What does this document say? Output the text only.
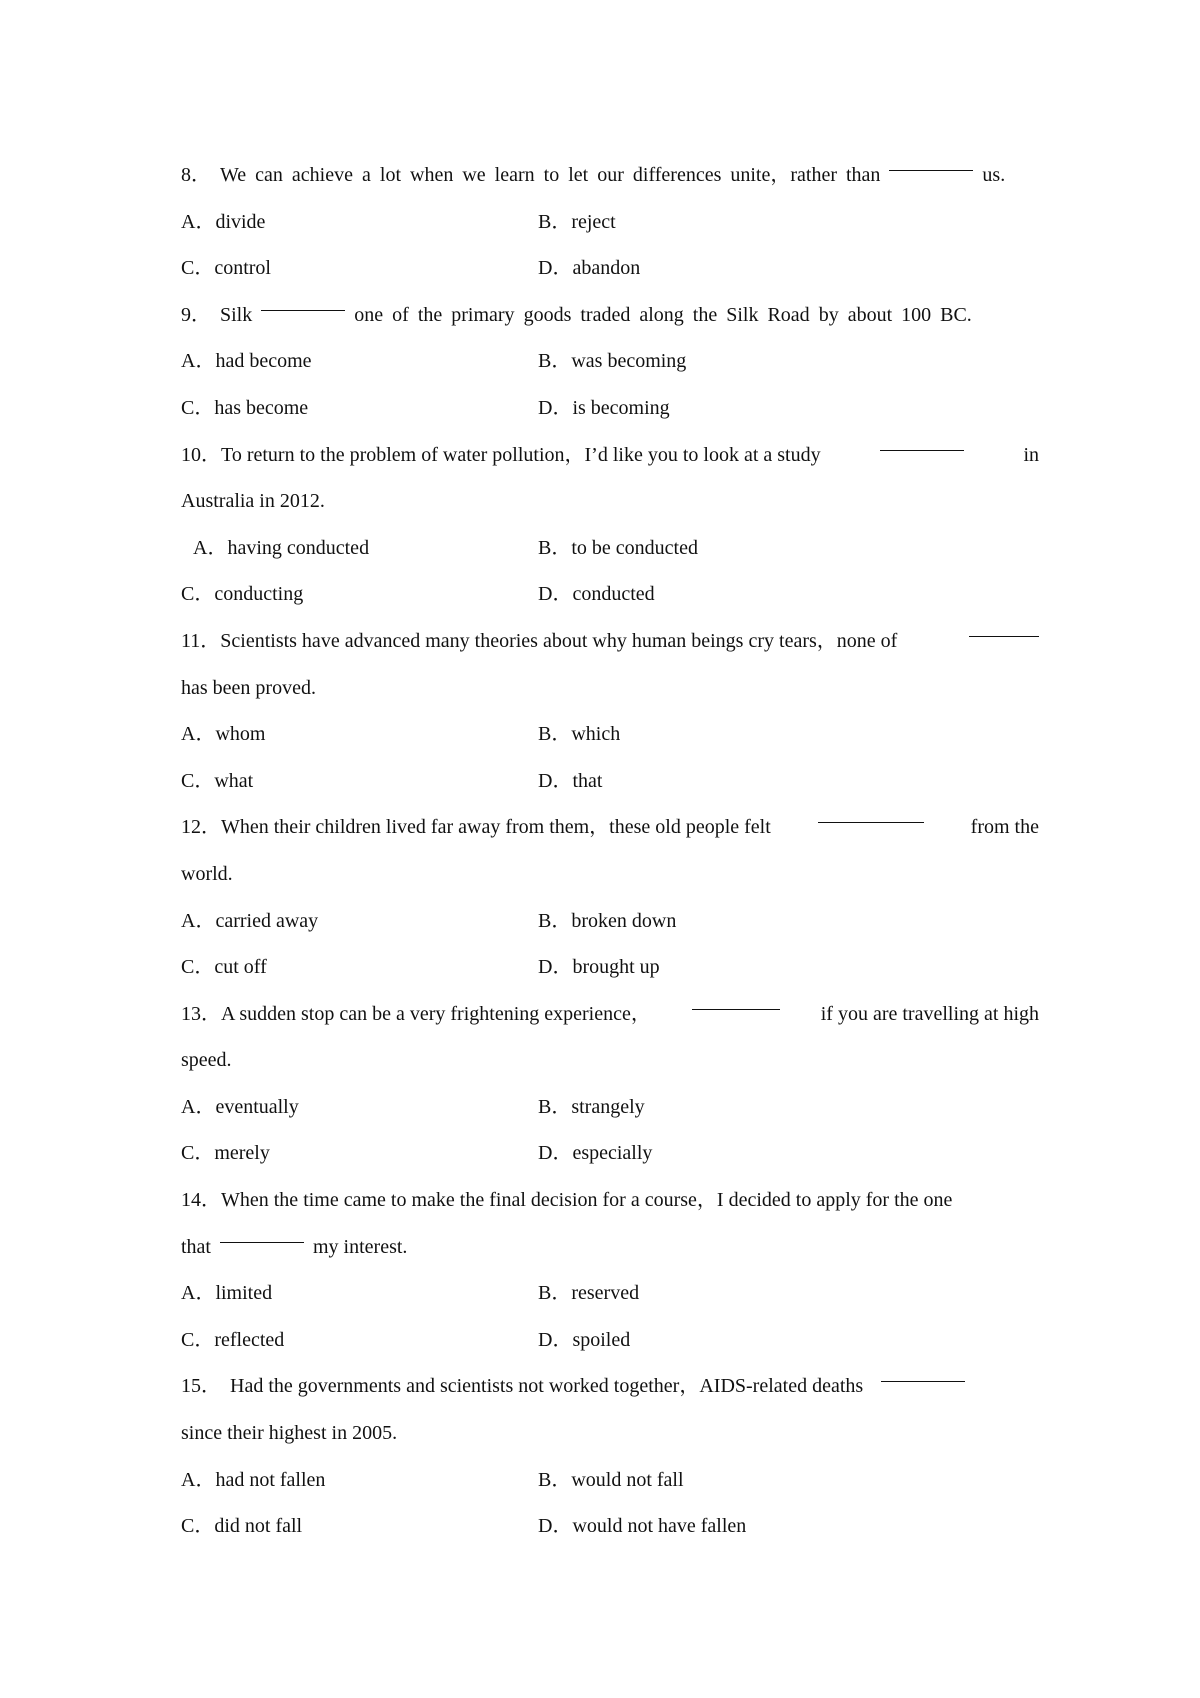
8． We can achieve a lot when we learn to let our differences unite，rather than	us.
A．divide	B．reject
C．control	D．abandon
9． Silk	one of the primary goods traded along the Silk Road by about 100 BC.
A．had become	B．was becoming
C．has become	D．is becoming
10．To return to the problem of water pollution，I’d like you to look at a study	in
Australia in 2012.
A．having conducted	B．to be conducted
C．conducting	D．conducted
11．Scientists have advanced many theories about why human beings cry tears，none of
has been proved.
A．whom	B．which
C．what	D．that
12．When their children lived far away from them，these old people felt	from the
world.
A．carried away	B．broken down
C．cut off	D．brought up
13．A sudden stop can be a very frightening experience，	if you are travelling at high
speed.
A．eventually	B．strangely
C．merely	D．especially
14．When the time came to make the final decision for a course，I decided to apply for the one
that	my interest.
A．limited	B．reserved
C．reflected	D．spoiled
15． Had the governments and scientists not worked together，AIDS-related deaths
since their highest in 2005.
A．had not fallen	B．would not fall
C．did not fall	D．would not have fallen
